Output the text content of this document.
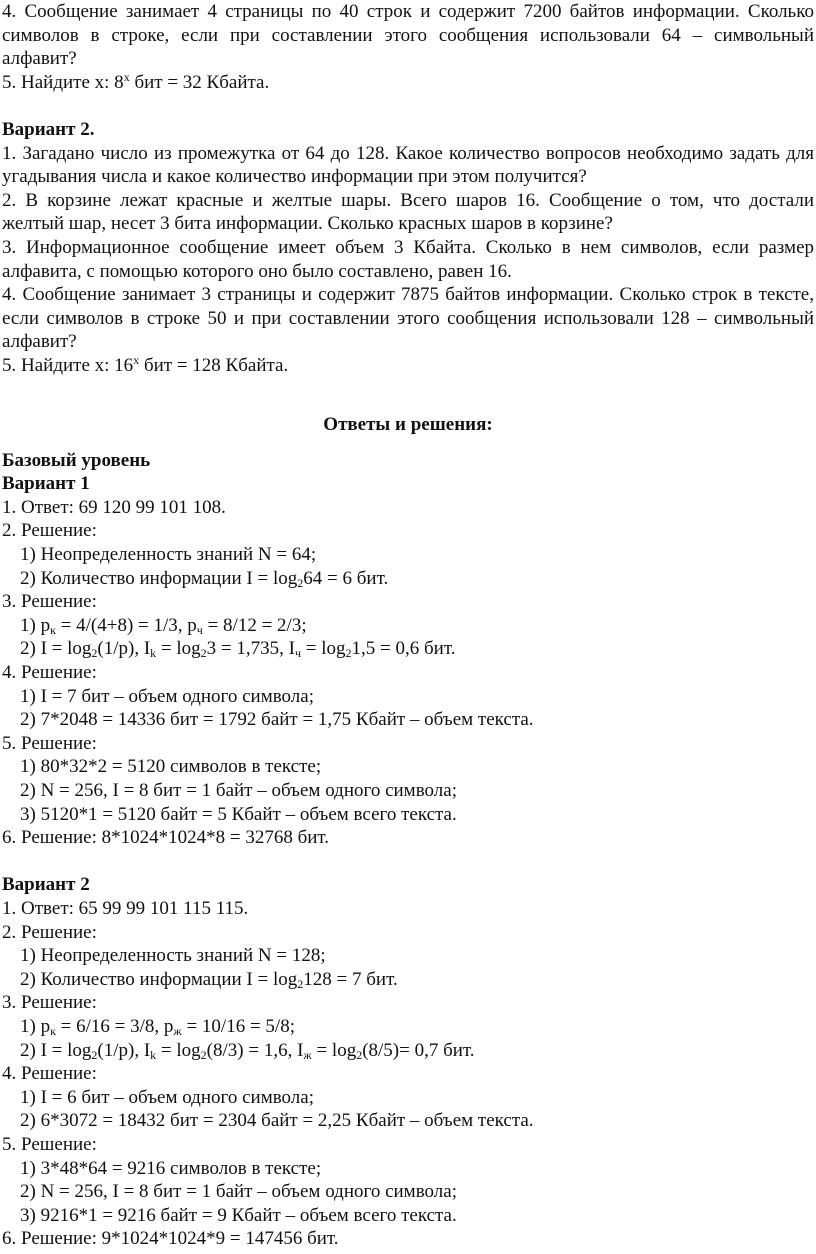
4. Сообщение занимает 4 страницы по 40 строк и содержит 7200 байтов информации. Сколько символов в строке, если при составлении этого сообщения использовали 64 – символьный алфавит?

5. Найдите x: 8$^x$ бит = 32 Кбайта.

Вариант 2.

1. Загадано число из промежутка от 64 до 128. Какое количество вопросов необходимо задать для угадывания числа и какое количество информации при этом получится?

2. В корзине лежат красные и желтые шары. Всего шаров 16. Сообщение о том, что достали желтый шар, несет 3 бита информации. Сколько красных шаров в корзине?

3. Информационное сообщение имеет объем 3 Кбайта. Сколько в нем символов, если размер алфавита, с помощью которого оно было составлено, равен 16.

4. Сообщение занимает 3 страницы и содержит 7875 байтов информации. Сколько строк в тексте, если символов в строке 50 и при составлении этого сообщения использовали 128 – символьный алфавит?

5. Найдите x: 16$^x$ бит = 128 Кбайта.

Ответы и решения:

Базовый уровень

Вариант 1

1. Ответ: 69 120 99 101 108.

2. Решение:

1) Неопределенность знаний N = 64;

2) Количество информации $I = \log_264 = 6$ бит.

3. Решение:

1) $p_к = 4/(4+8) = 1/3$, $p_ч = 8/12 = 2/3$;

2) $I = \log_2(1/p)$, $I_k = \log_23 = 1,735$, $I_ч = \log_21,5 = 0,6$ бит.

4. Решение:

1) I = 7 бит – объем одного символа;

2) 7*2048 = 14336 бит = 1792 байт = 1,75 Кбайт – объем текста.

5. Решение:

1) 80*32*2 = 5120 символов в тексте;

2) N = 256, I = 8 бит = 1 байт – объем одного символа;

3) 5120*1 = 5120 байт = 5 Кбайт – объем всего текста.

6. Решение: 8*1024*1024*8 = 32768 бит.

Вариант 2

1. Ответ: 65 99 99 101 115 115.

2. Решение:

1) Неопределенность знаний N = 128;

2) Количество информации $I = \log_2128 = 7$ бит.

3. Решение:

1) $p_к = 6/16 = 3/8$, $p_ж = 10/16 = 5/8$;

2) $I = \log_2(1/p)$, $I_k = \log_2(8/3) = 1,6$, $I_ж = \log_2(8/5)= 0,7$ бит.

4. Решение:

1) I = 6 бит – объем одного символа;

2) 6*3072 = 18432 бит = 2304 байт = 2,25 Кбайт – объем текста.

5. Решение:

1) 3*48*64 = 9216 символов в тексте;

2) N = 256, I = 8 бит = 1 байт – объем одного символа;

3) 9216*1 = 9216 байт = 9 Кбайт – объем всего текста.

6. Решение: 9*1024*1024*9 = 147456 бит.
